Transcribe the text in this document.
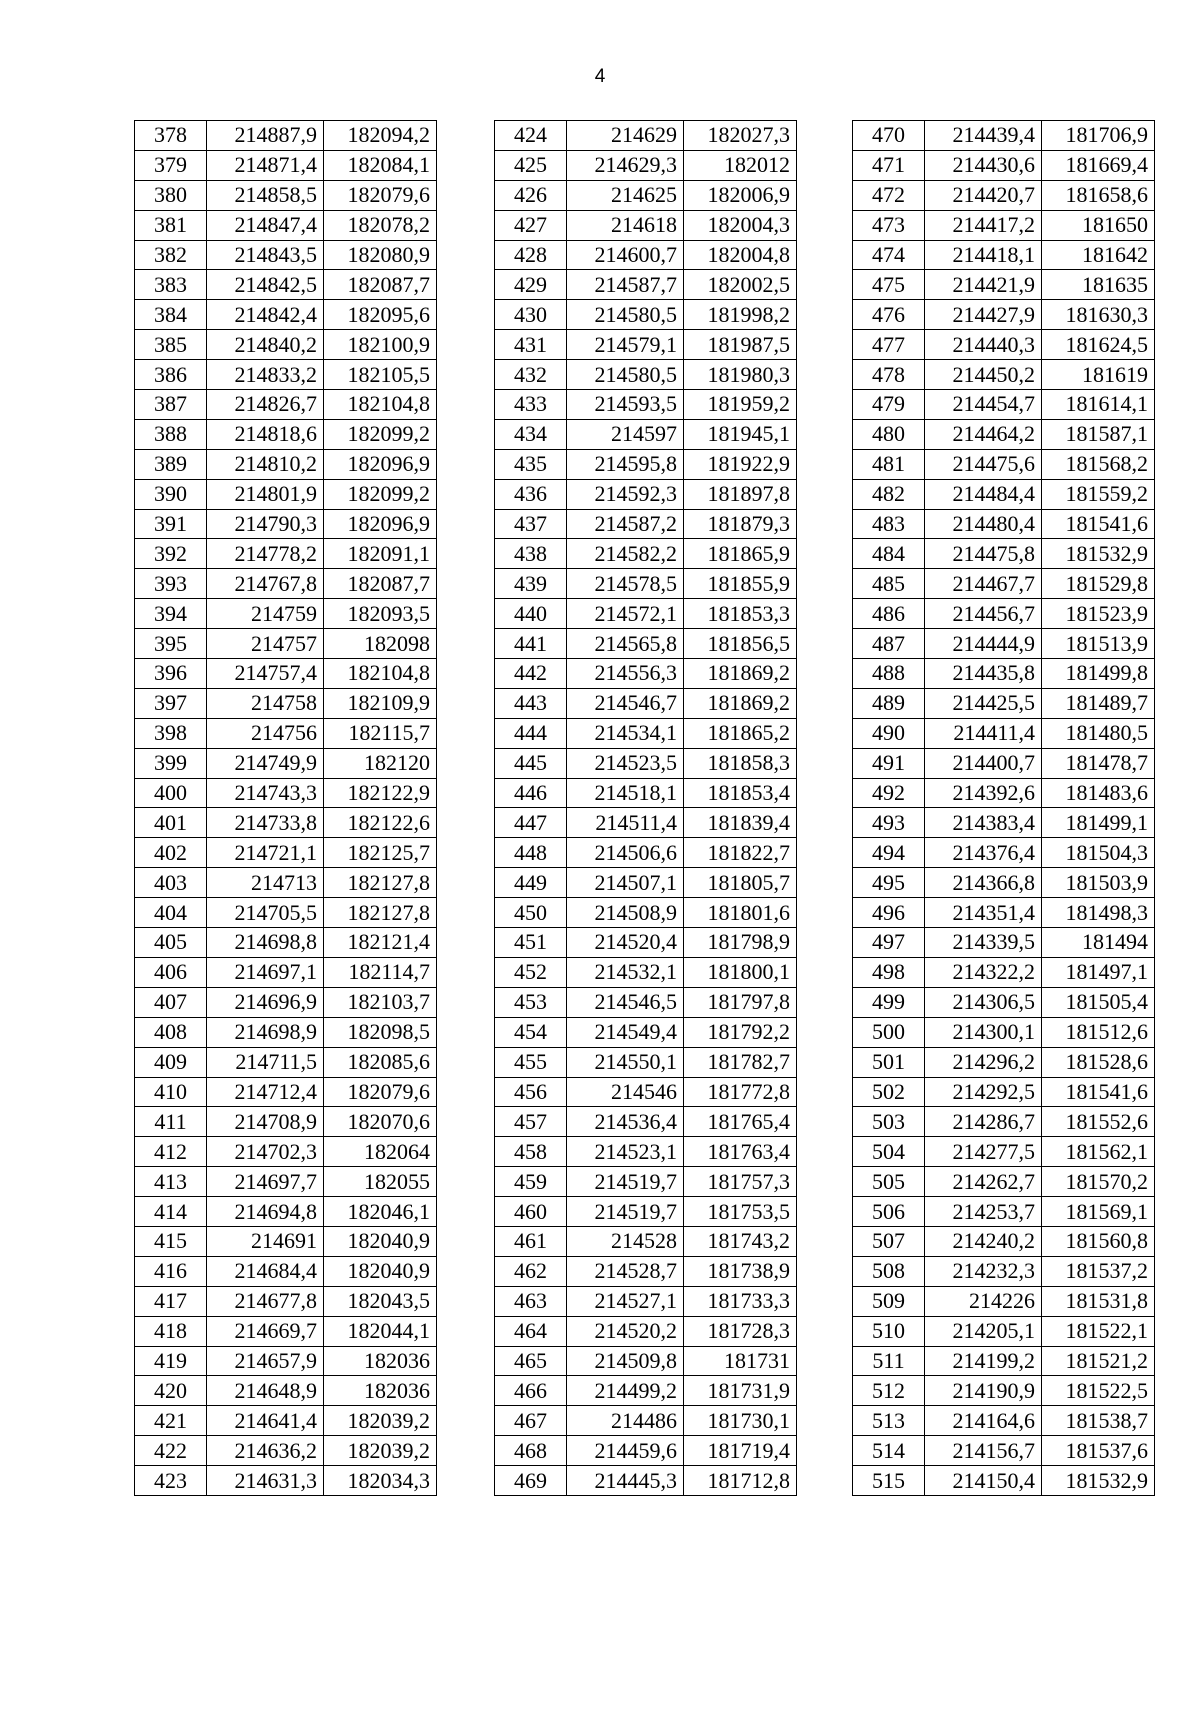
4
378	214887,9	182094,2
379	214871,4	182084,1
380	214858,5	182079,6
381	214847,4	182078,2
382	214843,5	182080,9
383	214842,5	182087,7
384	214842,4	182095,6
385	214840,2	182100,9
386	214833,2	182105,5
387	214826,7	182104,8
388	214818,6	182099,2
389	214810,2	182096,9
390	214801,9	182099,2
391	214790,3	182096,9
392	214778,2	182091,1
393	214767,8	182087,7
394	214759	182093,5
395	214757	182098
396	214757,4	182104,8
397	214758	182109,9
398	214756	182115,7
399	214749,9	182120
400	214743,3	182122,9
401	214733,8	182122,6
402	214721,1	182125,7
403	214713	182127,8
404	214705,5	182127,8
405	214698,8	182121,4
406	214697,1	182114,7
407	214696,9	182103,7
408	214698,9	182098,5
409	214711,5	182085,6
410	214712,4	182079,6
411	214708,9	182070,6
412	214702,3	182064
413	214697,7	182055
414	214694,8	182046,1
415	214691	182040,9
416	214684,4	182040,9
417	214677,8	182043,5
418	214669,7	182044,1
419	214657,9	182036
420	214648,9	182036
421	214641,4	182039,2
422	214636,2	182039,2
423	214631,3	182034,3
424	214629	182027,3
425	214629,3	182012
426	214625	182006,9
427	214618	182004,3
428	214600,7	182004,8
429	214587,7	182002,5
430	214580,5	181998,2
431	214579,1	181987,5
432	214580,5	181980,3
433	214593,5	181959,2
434	214597	181945,1
435	214595,8	181922,9
436	214592,3	181897,8
437	214587,2	181879,3
438	214582,2	181865,9
439	214578,5	181855,9
440	214572,1	181853,3
441	214565,8	181856,5
442	214556,3	181869,2
443	214546,7	181869,2
444	214534,1	181865,2
445	214523,5	181858,3
446	214518,1	181853,4
447	214511,4	181839,4
448	214506,6	181822,7
449	214507,1	181805,7
450	214508,9	181801,6
451	214520,4	181798,9
452	214532,1	181800,1
453	214546,5	181797,8
454	214549,4	181792,2
455	214550,1	181782,7
456	214546	181772,8
457	214536,4	181765,4
458	214523,1	181763,4
459	214519,7	181757,3
460	214519,7	181753,5
461	214528	181743,2
462	214528,7	181738,9
463	214527,1	181733,3
464	214520,2	181728,3
465	214509,8	181731
466	214499,2	181731,9
467	214486	181730,1
468	214459,6	181719,4
469	214445,3	181712,8
470	214439,4	181706,9
471	214430,6	181669,4
472	214420,7	181658,6
473	214417,2	181650
474	214418,1	181642
475	214421,9	181635
476	214427,9	181630,3
477	214440,3	181624,5
478	214450,2	181619
479	214454,7	181614,1
480	214464,2	181587,1
481	214475,6	181568,2
482	214484,4	181559,2
483	214480,4	181541,6
484	214475,8	181532,9
485	214467,7	181529,8
486	214456,7	181523,9
487	214444,9	181513,9
488	214435,8	181499,8
489	214425,5	181489,7
490	214411,4	181480,5
491	214400,7	181478,7
492	214392,6	181483,6
493	214383,4	181499,1
494	214376,4	181504,3
495	214366,8	181503,9
496	214351,4	181498,3
497	214339,5	181494
498	214322,2	181497,1
499	214306,5	181505,4
500	214300,1	181512,6
501	214296,2	181528,6
502	214292,5	181541,6
503	214286,7	181552,6
504	214277,5	181562,1
505	214262,7	181570,2
506	214253,7	181569,1
507	214240,2	181560,8
508	214232,3	181537,2
509	214226	181531,8
510	214205,1	181522,1
511	214199,2	181521,2
512	214190,9	181522,5
513	214164,6	181538,7
514	214156,7	181537,6
515	214150,4	181532,9
